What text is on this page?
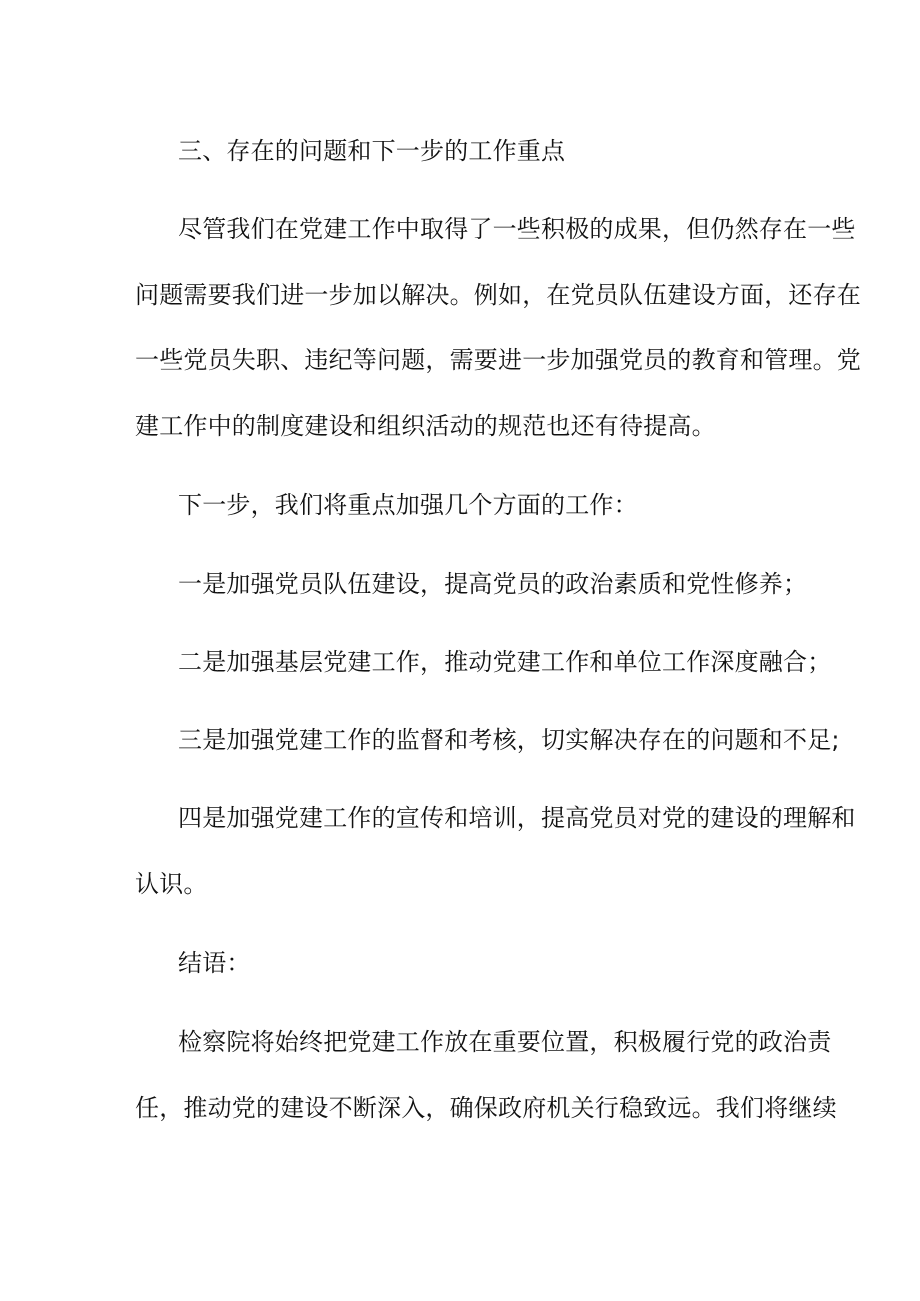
三、存在的问题和下一步的工作重点
尽管我们在党建工作中取得了一些积极的成果，但仍然存在一些
问题需要我们进一步加以解决。例如，在党员队伍建设方面，还存在
一些党员失职、违纪等问题，需要进一步加强党员的教育和管理。党
建工作中的制度建设和组织活动的规范也还有待提高。
下一步，我们将重点加强几个方面的工作：
一是加强党员队伍建设，提高党员的政治素质和党性修养；
二是加强基层党建工作，推动党建工作和单位工作深度融合；
三是加强党建工作的监督和考核，切实解决存在的问题和不足;
四是加强党建工作的宣传和培训，提高党员对党的建设的理解和
认识。
结语：
检察院将始终把党建工作放在重要位置，积极履行党的政治责
任，推动党的建设不断深入，确保政府机关行稳致远。我们将继续
